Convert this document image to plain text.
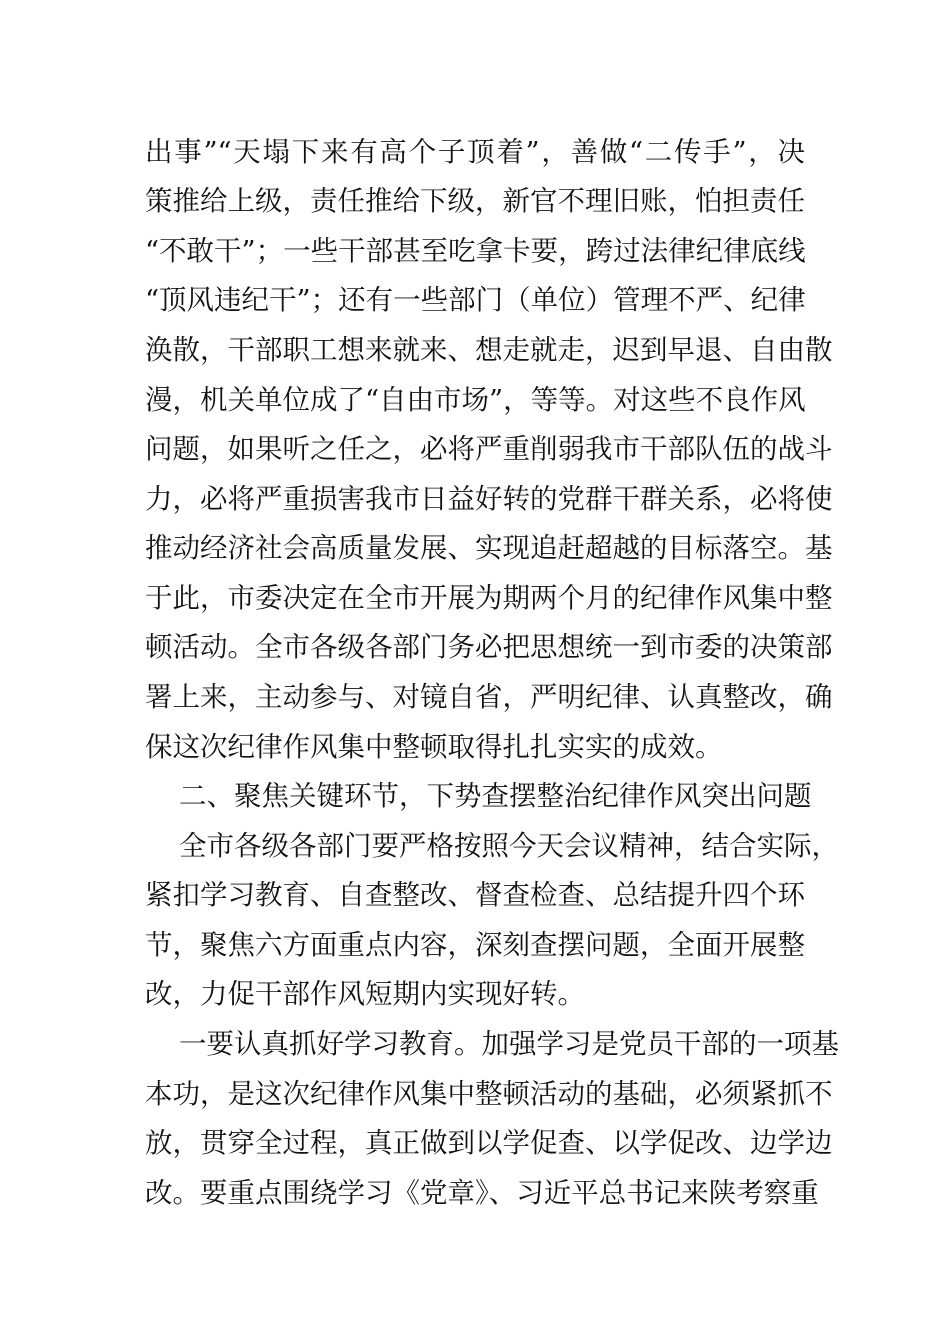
出事”“天塌下来有高个子顶着”，善做“二传手”，决
策推给上级，责任推给下级，新官不理旧账，怕担责任
“不敢干”；一些干部甚至吃拿卡要，跨过法律纪律底线
“顶风违纪干”；还有一些部门（单位）管理不严、纪律
涣散，干部职工想来就来、想走就走，迟到早退、自由散
漫，机关单位成了“自由市场”，等等。对这些不良作风
问题，如果听之任之，必将严重削弱我市干部队伍的战斗
力，必将严重损害我市日益好转的党群干群关系，必将使
推动经济社会高质量发展、实现追赶超越的目标落空。基
于此，市委决定在全市开展为期两个月的纪律作风集中整
顿活动。全市各级各部门务必把思想统一到市委的决策部
署上来，主动参与、对镜自省，严明纪律、认真整改，确
保这次纪律作风集中整顿取得扎扎实实的成效。
二、聚焦关键环节，下势查摆整治纪律作风突出问题
全市各级各部门要严格按照今天会议精神，结合实际，
紧扣学习教育、自查整改、督查检查、总结提升四个环
节，聚焦六方面重点内容，深刻查摆问题，全面开展整
改，力促干部作风短期内实现好转。
一要认真抓好学习教育。加强学习是党员干部的一项基
本功，是这次纪律作风集中整顿活动的基础，必须紧抓不
放，贯穿全过程，真正做到以学促查、以学促改、边学边
改。要重点围绕学习《党章》、习近平总书记来陕考察重
